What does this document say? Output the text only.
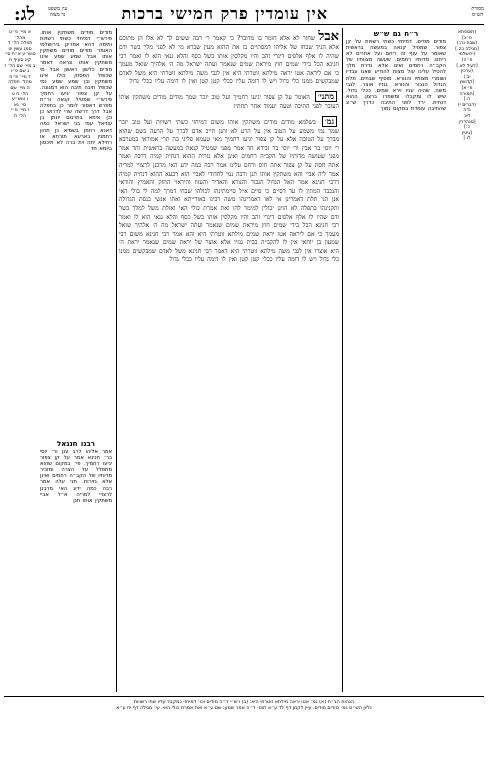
אין עומדין פרק חמישי ברכות
לג:	מסורת
הש״ס
עין משפט
נר מצוה
[תוספתא
פ״ג]
(שבת נה:)
[מגילה כה.]
(ירושלמי
פ״ה)
[לעיל לא.]
(ערכין
יב:)
[קדושין
פ״א]
[תמורה
ה.]
(דברים י)
נדה
לא:
[סנהדרין
כ:]
[גיטין
לו.]
ר״ח גם ש״ש
מודים מודים. דמיחזי כשתי רשויות על קן צפור. שמטיל קנאה במעשה בראשית שאומר על עוף זה ריחם ועל אחרים לא ריחם. מדותיו רחמים. שעשה מצוותיו של הקב״ה רחמים ואינו אלא גזירת מלך להטיל עלינו עול מצות להודיע שאנו עבדיו ושומרי מצותיו והנורא. מוסיף שבחים. תלת הגדול הגבור והנורא. גנזיו אוצר. לגבי משה. שהיה עניו וירא שמים. ככלי גדול. שיש לו ומקבלו ומשמרו ברצון. ההוא דנחית. ירד לפני התיבה כדרך ש״צ שהתיבה עומדת במקום נמוך
אבל שחור לא אלא חומר בו מדובר? כי קאמר ר׳ רבה ששים לך לא אלו הן מתוכם אלא הגיד שבחו של אליהו דמסתיים בו את ההוא מעין שברא מי לא לפני מלך בשר ודם שהיה לו אלף אלפים דינרי זהב והיו מקלסין אותו בשל כסף והלא גנאי הוא לו ואמר רבי חנינא הכל בידי שמים חוץ מיראת שמים שנאמר ועתה ישראל מה ה׳ אלהיך שואל מעמך כי אם ליראה אטו יראה מילתא זוטרתי היא אין לגבי משה מילתא זוטרתי היא משל לאדם שמבקשים ממנו כלי גדול ויש לו דומה עליו ככלי קטן קטן ואין לו דומה עליו ככלי גדול
מתני׳ האומר על קן צפור יגיעו רחמיך ועל טוב יזכר שמך מודים מודים משתקין אותו העובר לפני התיבה וטעה יעמוד אחר תחתיו
גמ׳ בשלמא מודים מודים משתקין אותו משום דמיחזי כשתי רשויות ועל טוב יזכר שמך נמי משמע על הטוב אין על הרע לא ותנן חייב אדם לברך על הרעה כשם שהוא מברך על הטובה אלא על קן צפור יגיעו רחמיך מאי טעמא פליגי בה תרי אמוראי במערבא ר׳ יוסי בר אבין ור׳ יוסי בר זבידא חד אמר מפני שמטיל קנאה במעשה בראשית וחד אמר מפני שעושה מדותיו של הקב״ה רחמים ואינן אלא גזרות ההוא דנחית קמיה דרבה ואמר אתה חסת על קן צפור אתה חוס ורחם עלינו אמר רבה כמה ידע האי מרבנן לרצויי למריה אמר ליה אביי והא משתקין אותו תנן ורבה נמי לחדודי לאביי הוא דבעא ההוא דנחית קמיה דרבי חנינא אמר האל הגדול הגבור והנורא והאדיר והעזוז והיראוי החזק והאמיץ והודאי והנכבד המתין לו עד דסיים כי סיים א״ל סיימתינהו לכולהו שבחי דמרך למה לי כולי האי אנן הני תלת דאמרינן אי לאו דאמרינהו משה רבינו באורייתא ואתו אנשי כנסת הגדולה ותקנינהו בתפלה לא הוינן יכולין למימר להו ואת אמרת כולי האי ואזלת משל למלך בשר ודם שהיו לו אלף אלפים דינרי זהב והיו מקלסין אותו בשל כסף והלא גנאי הוא לו ואמר רבי חנינא הכל בידי שמים חוץ מיראת שמים שנאמר ועתה ישראל מה ה׳ אלהיך שואל מעמך כי אם ליראה אטו יראת שמים מילתא זוטרתי היא והא אמר רבי חנינא משום רבי שמעון בן יוחאי אין לו להקב״ה בבית גנזיו אלא אוצר של יראת שמים שנאמר יראת ה׳ היא אוצרו אין לגבי משה מילתא זוטרתי היא דאמר רבי חנינא משל לאדם שמבקשים ממנו כלי גדול ויש לו דומה עליו ככלי קטן קטן ואין לו דומה עליו ככלי גדול
מודים מודים משתקין אותו. פירש״י דמיחזי כשתי רשויות ותימה דהא אמרינן בירושלמי האומר מודים מודים משתקין אותו אבל שמע שמע אינו משתקין אותו ונראה דאמר מודים כלשון ראשון אבל מי שכופל הפסוק כולו אינו משתקין וכן שמע שמע נמי שכופל תיבה תיבה הוא דמגונה. על קן צפור יגיעו רחמיך פירש״י שמטיל קנאה ור״ת מפרש דאסור לומר כן בתפלה אבל דרך דרשה שרי לדרוש כן וכן איתא בתרגום יונתן בן עוזיאל עמי בני ישראל כמה דאנא רחמן בשמיא כן תהון רחמנין בארעא תורתא או רחילא יתה וית ברה לא תיכסון ביומא חד
רבנו חננאל
אמר אליהו לרב ענן ור׳ יוסי בר׳ חנינא אמר על קן צפור יגיעו רחמיך. פי׳ במקום שהוא מתפלל על הצרה ומזכיר מדותיו של הקב״ה רחמים ואינן אלא גזירות. תני עלה אמר רבה כמה ידע האי מרבנן לרצויי למריה א״ל אביי משתקין אותו תנן
א מיי׳ פ״ט מהל׳
תפלה הל׳ ד
סמג עשין יט
טוש״ע א״ח סי׳
קיג סעיף ח
ב מיי׳ שם הל׳ ז
ג שם פ״ו
ד מיי׳ פ״ח
מהל׳ תפלה
ה מיי׳ שם
הל׳ ח ט
ו טוש״ע
סי׳ נא
ז מיי׳ פ״י
הל׳ ח
הגהות הב״ח (א) גמ׳ אטו יראה מילתא זוטרתי היא: (ב) רש״י ד״ה מודים וכו׳ דמיחזי כמקבל עליו שתי רשויות
גליון הש״ס גמ׳ מודים מודים. עיין לקמן דף לד ע״א תוס׳ ד״ה אמר שמע: שם ע״א ואת אמרת כולי האי. עי׳ מגילה דף יח ע״א
